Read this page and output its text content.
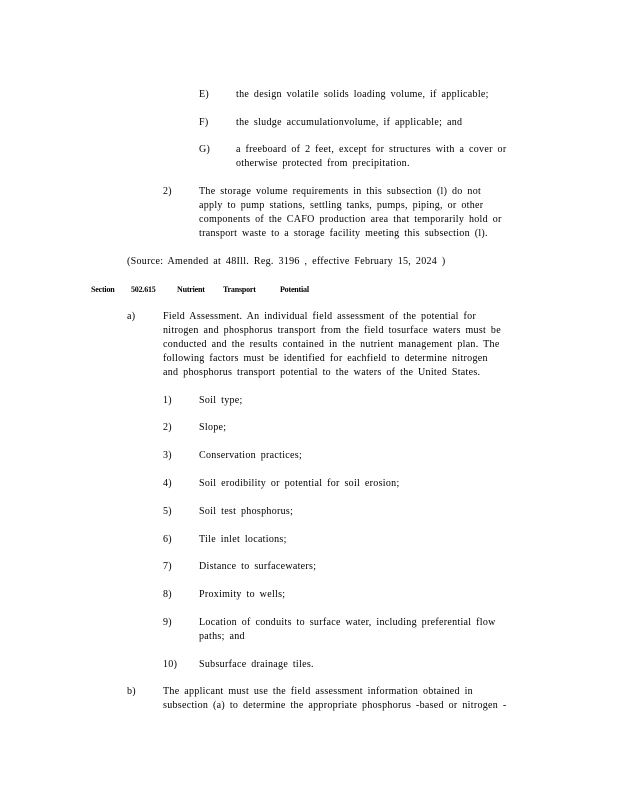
E)	the design volatile solids loading volume, if applicable;
F)	the sludge accumulationvolume, if applicable; and
G)	a freeboard of 2 feet, except for structures with a cover or
otherwise protected from precipitation.
2)	The storage volume requirements in this subsection (l) do not
apply to pump stations, settling tanks, pumps, piping, or other
components of the CAFO production area that temporarily hold or
transport waste to a storage facility meeting this subsection (l).
(Source: Amended at 48Ill. Reg. 3196 , effective February 15, 2024 )
Section 502.615	Nutrient Transport	Potential
a)	Field Assessment. An individual field assessment of the potential for
nitrogen and phosphorus transport from the field tosurface waters must be
conducted and the results contained in the nutrient management plan. The
following factors must be identified for eachfield to determine nitrogen
and phosphorus transport potential to the waters of the United States.
1)	Soil type;
2)	Slope;
3)	Conservation practices;
4)	Soil erodibility or potential for soil erosion;
5)	Soil test phosphorus;
6)	Tile inlet locations;
7)	Distance to surfacewaters;
8)	Proximity to wells;
9)	Location of conduits to surface water, including preferential flow
paths; and
10) Subsurface drainage tiles.
b)	The applicant must use the field assessment information obtained in
subsection (a) to determine the appropriate phosphorus -based or nitrogen -
